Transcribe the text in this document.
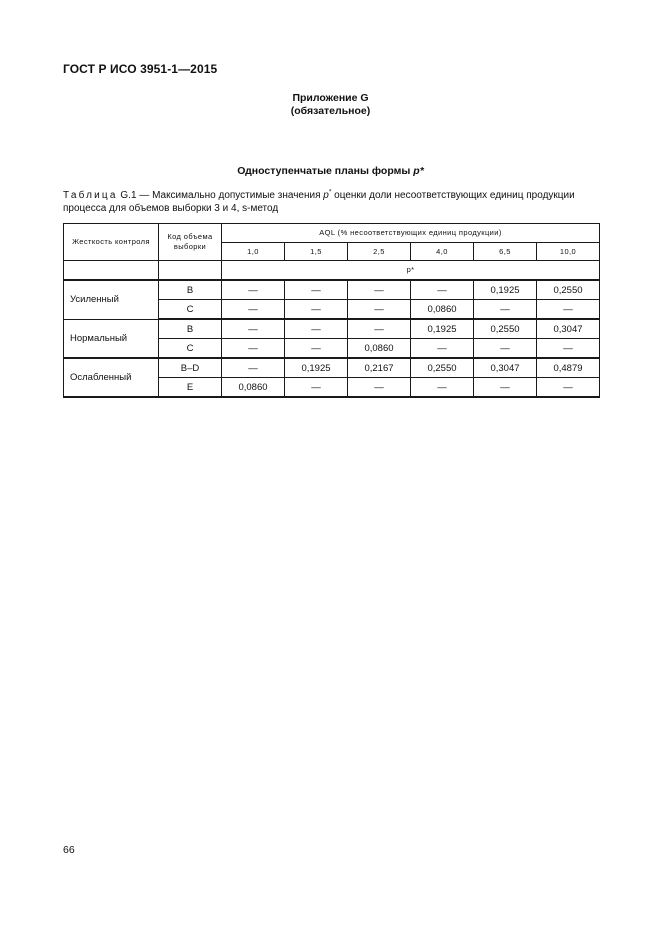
ГОСТ Р ИСО 3951-1—2015
Приложение G
(обязательное)
Одноступенчатые планы формы p*
Таблица G.1 — Максимально допустимые значения p* оценки доли несоответствующих единиц продукции процесса для объемов выборки 3 и 4, s-метод
Жесткость контроля	Код объема выборки	AQL (% несоответствующих единиц продукции)					
		1,0	1,5	2,5	4,0	6,5	10,0
		p*					
Усиленный	B	—	—	—	—	0,1925	0,2550
	C	—	—	—	0,0860	—	—
Нормальный	B	—	—	—	0,1925	0,2550	0,3047
	C	—	—	0,0860	—	—	—
Ослабленный	B–D	—	0,1925	0,2167	0,2550	0,3047	0,4879
	E	0,0860	—	—	—	—	—
66
